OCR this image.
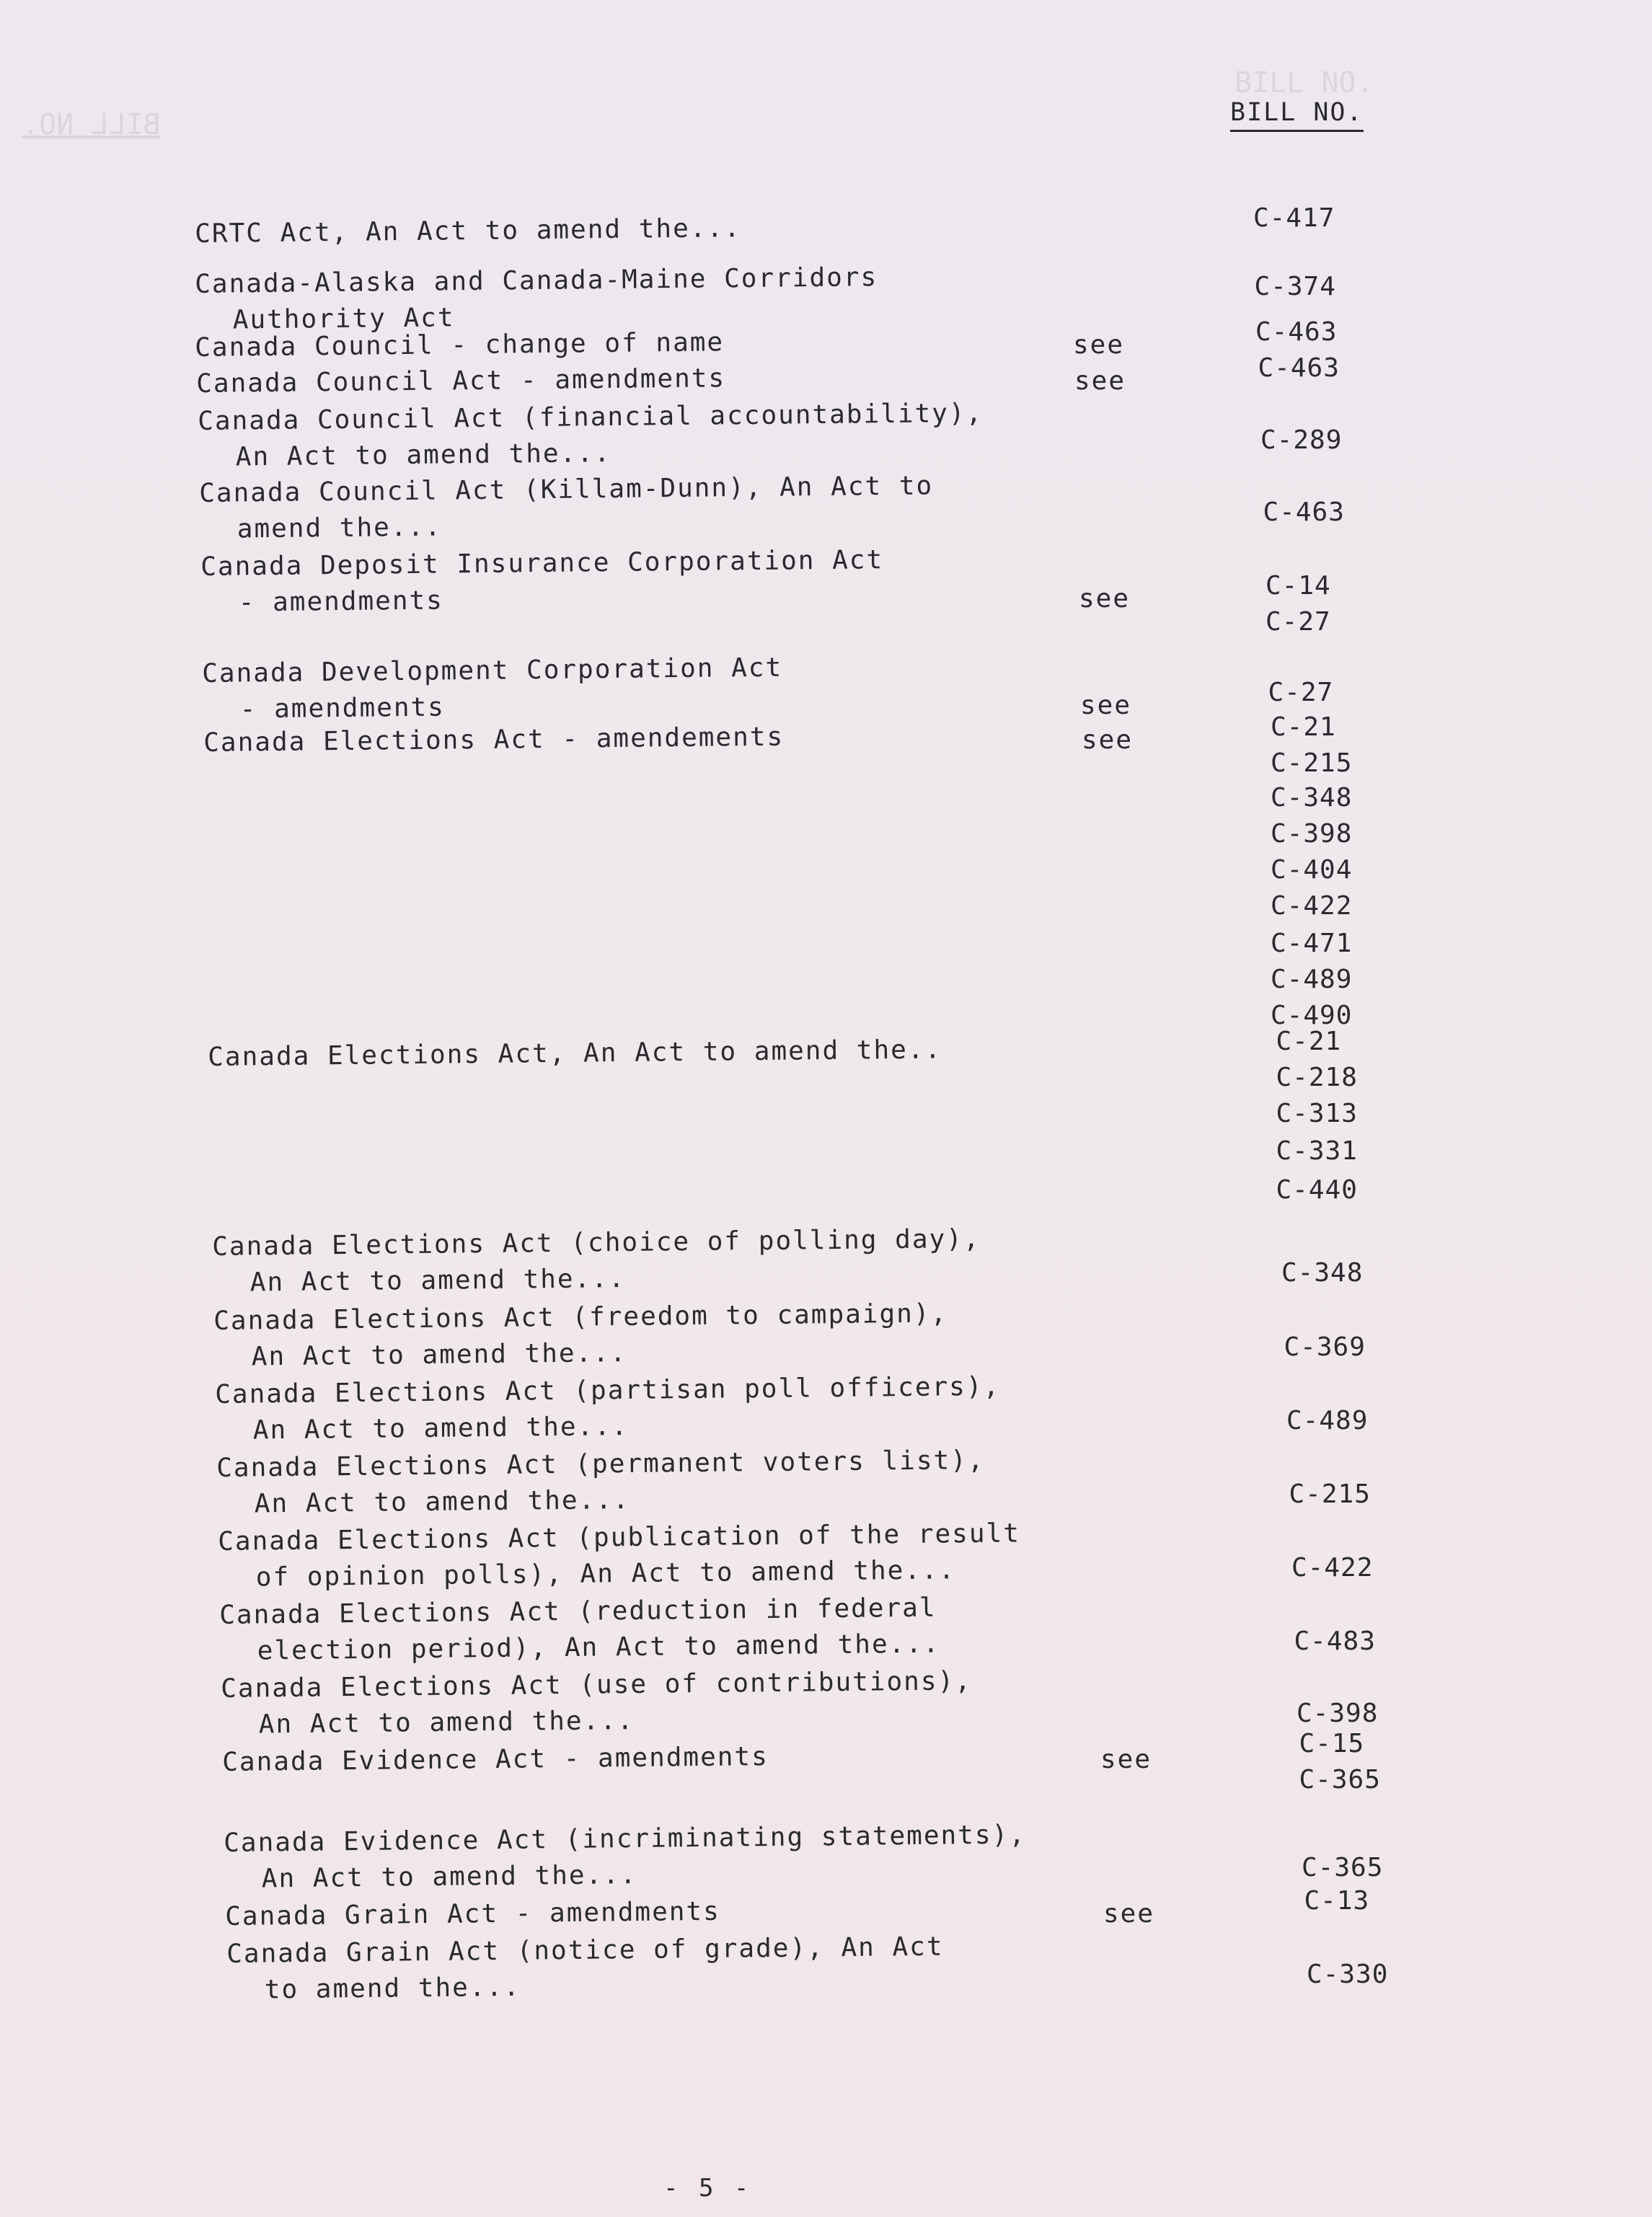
BILL NO.
BILL NO.
BILL NO.
CRTC Act, An Act to amend the...	C-417
Canada-Alaska and Canada-Maine Corridors
Authority Act
C-374
Canada Council - change of name	see	C-463
Canada Council Act - amendments	see	C-463
Canada Council Act (financial accountability),
An Act to amend the...	C-289
Canada Council Act (Killam-Dunn), An Act to
amend the...	C-463
Canada Deposit Insurance Corporation Act
- amendments	see	C-14
C-27
Canada Development Corporation Act
- amendments	see	C-27
Canada Elections Act - amendements	see	C-21
C-215
C-348
C-398
C-404
C-422
C-471
C-489
C-490
Canada Elections Act, An Act to amend the..	C-21
C-218
C-313
C-331
C-440
Canada Elections Act (choice of polling day),
An Act to amend the...	C-348
Canada Elections Act (freedom to campaign),
An Act to amend the...	C-369
Canada Elections Act (partisan poll officers),
An Act to amend the...	C-489
Canada Elections Act (permanent voters list),
An Act to amend the...	C-215
Canada Elections Act (publication of the result
of opinion polls), An Act to amend the...	C-422
Canada Elections Act (reduction in federal
election period), An Act to amend the...	C-483
Canada Elections Act (use of contributions),
An Act to amend the...	C-398
Canada Evidence Act - amendments	see
C-15
C-365
Canada Evidence Act (incriminating statements),
An Act to amend the...	C-365
Canada Grain Act - amendments	see	C-13
Canada Grain Act (notice of grade), An Act
to amend the...	C-330
- 5 -
